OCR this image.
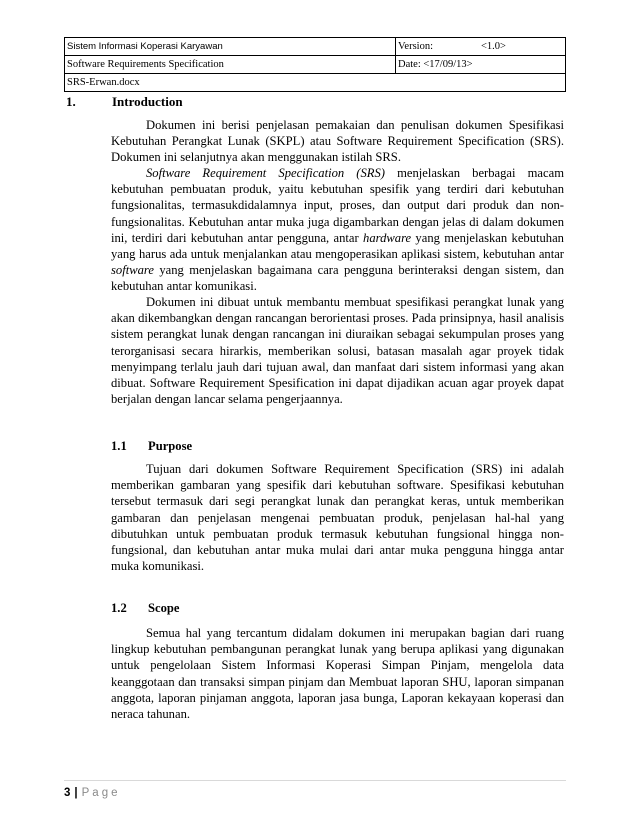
Sistem Informasi Koperasi Karyawan	Version: <1.0>
Software Requirements Specification	Date: <17/09/13>
SRS-Erwan.docx	
1.	Introduction

Dokumen ini berisi penjelasan pemakaian dan penulisan dokumen Spesifikasi Kebutuhan Perangkat Lunak (SKPL) atau Software Requirement Specification (SRS). Dokumen ini selanjutnya akan menggunakan istilah SRS.

Software Requirement Specification (SRS) menjelaskan berbagai macam kebutuhan pembuatan produk, yaitu kebutuhan spesifik yang terdiri dari kebutuhan fungsionalitas, termasukdidalamnya input, proses, dan output dari produk dan non-fungsionalitas. Kebutuhan antar muka juga digambarkan dengan jelas di dalam dokumen ini, terdiri dari kebutuhan antar pengguna, antar hardware yang menjelaskan kebutuhan yang harus ada untuk menjalankan atau mengoperasikan aplikasi sistem, kebutuhan antar software yang menjelaskan bagaimana cara pengguna berinteraksi dengan sistem, dan kebutuhan antar komunikasi.

Dokumen ini dibuat untuk membantu membuat spesifikasi perangkat lunak yang akan dikembangkan dengan rancangan berorientasi proses. Pada prinsipnya, hasil analisis sistem perangkat lunak dengan rancangan ini diuraikan sebagai sekumpulan proses yang terorganisasi secara hirarkis, memberikan solusi, batasan masalah agar proyek tidak menyimpang terlalu jauh dari tujuan awal, dan manfaat dari sistem informasi yang akan dibuat. Software Requirement Spesification ini dapat dijadikan acuan agar proyek dapat berjalan dengan lancar selama pengerjaannya.

1.1 Purpose

Tujuan dari dokumen Software Requirement Specification (SRS) ini adalah memberikan gambaran yang spesifik dari kebutuhan software. Spesifikasi kebutuhan tersebut termasuk dari segi perangkat lunak dan perangkat keras, untuk memberikan gambaran dan penjelasan mengenai pembuatan produk, penjelasan hal-hal yang dibutuhkan untuk pembuatan produk termasuk kebutuhan fungsional hingga non-fungsional, dan kebutuhan antar muka mulai dari antar muka pengguna hingga antar muka komunikasi.

1.2 Scope

Semua hal yang tercantum didalam dokumen ini merupakan bagian dari ruang lingkup kebutuhan pembangunan perangkat lunak yang berupa aplikasi yang digunakan untuk pengelolaan Sistem Informasi Koperasi Simpan Pinjam, mengelola data keanggotaan dan transaksi simpan pinjam dan Membuat laporan SHU, laporan simpanan anggota, laporan pinjaman anggota, laporan jasa bunga, Laporan kekayaan koperasi dan neraca tahunan.

3 | Page
